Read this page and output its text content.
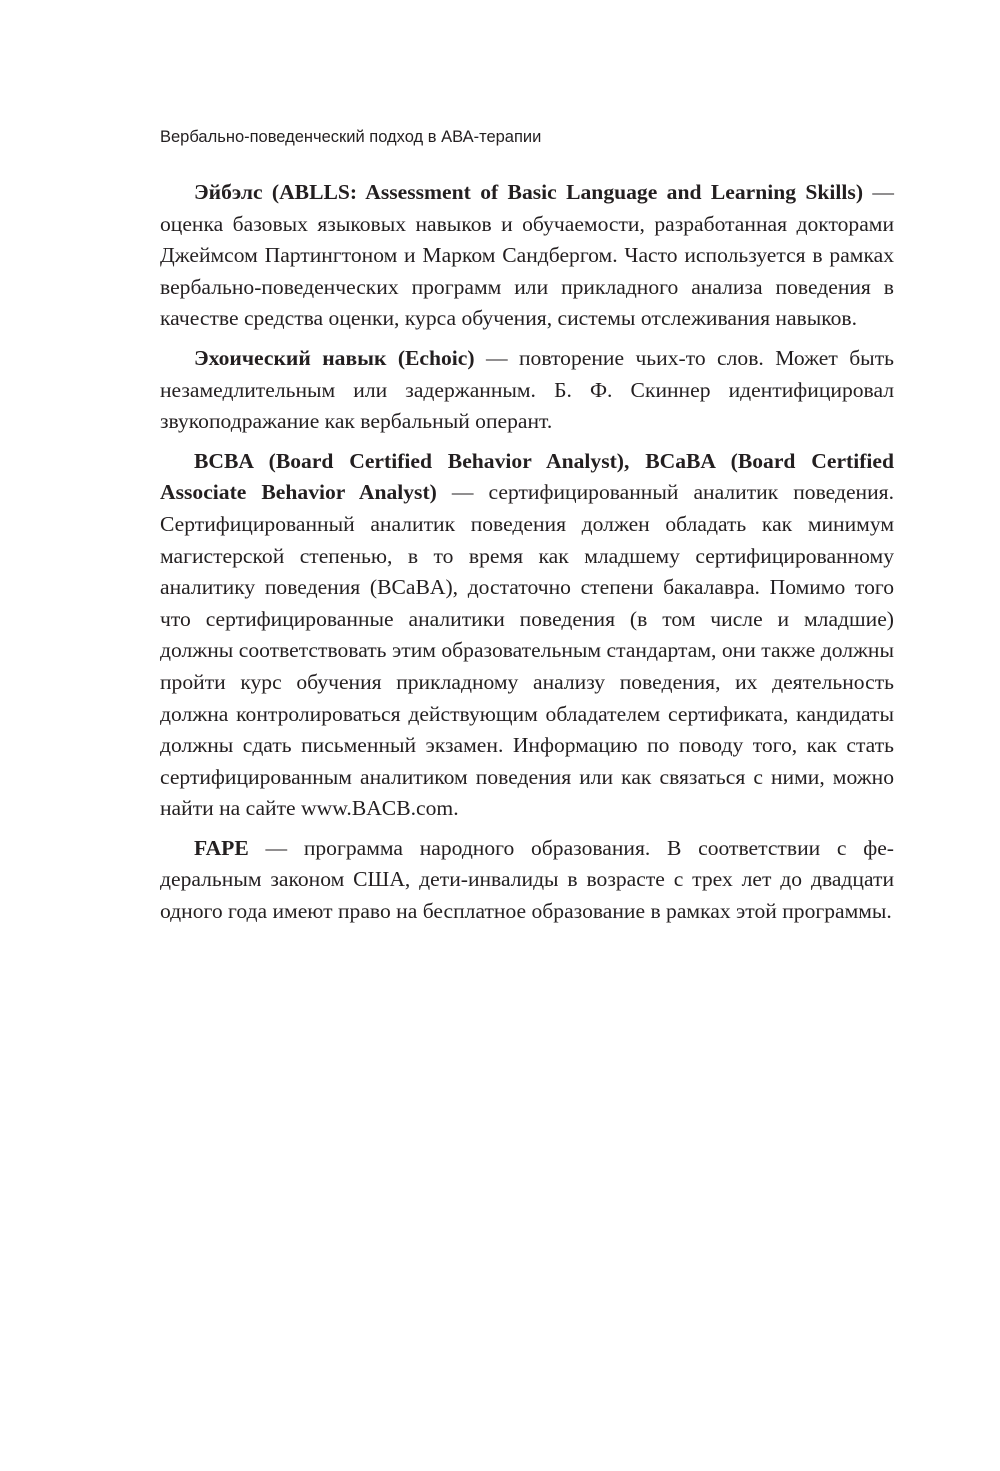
Вербально-поведенческий подход в АВА-терапии

Эйбэлс (ABLLS: Assessment of Basic Language and Learning Skills) — оценка базовых языковых навыков и обучаемости, разработанная докторами Джеймсом Партингтоном и Марком Сандбергом. Часто используется в рамках вербально-поведенческих программ или прикладного анализа поведения в качестве средства оценки, курса обучения, системы отслеживания навыков.

Эхоический навык (Echoic) — повторение чьих-то слов. Может быть незамедлительным или задержанным. Б. Ф. Скиннер идентифицировал звукоподражание как вербальный оперант.

BCBA (Board Certified Behavior Analyst), BCaBA (Board Certified Associate Behavior Analyst) — сертифицированный аналитик поведения. Сертифицированный аналитик поведения должен обладать как минимум магистерской степенью, в то время как младшему сертифицированному аналитику поведения (BCaBA), достаточно степени бакалавра. Помимо того что сертифицированные аналитики поведения (в том числе и младшие) должны соответствовать этим образовательным стандартам, они также должны пройти курс обучения прикладному анализу поведения, их деятельность должна контролироваться действующим обладателем сертификата, кандидаты должны сдать письменный экзамен. Информацию по поводу того, как стать сертифицированным аналитиком поведения или как связаться с ними, можно найти на сайте www.BACB.com.

FAPE — программа народного образования. В соответствии с федеральным законом США, дети-инвалиды в возрасте с трех лет до двадцати одного года имеют право на бесплатное образование в рамках этой программы.
